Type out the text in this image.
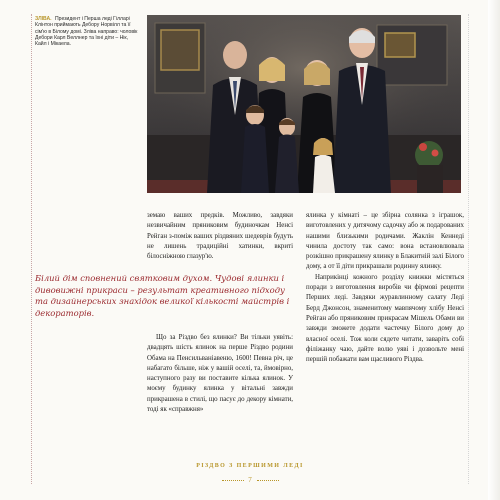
ЗЛІВА. Президент і Перша леді Гілларі Клінтон приймають Дебору Норвілл та її сім'ю в Білому домі. Зліва направо: чоловік Дебори Карл Веллнер та їхні діти – Нік, Кайл і Мікаела.

земаю ваших предків. Можливо, завдяки незвичайним пряниковим будиночкам Ненсі Рейган з-поміж ваших різдвяних шедеврів будуть не лишень традиційні хатинки, вкриті білосніжною глазур'ю.

Білий дім сповнений святковим духом. Чудові ялинки і дивовижні прикраси – результат креативного підходу та дизайнерських знахідок великої кількості майстрів і декораторів.

Що за Різдво без ялинки? Ви тільки уявіть: двадцять шість ялинок на перше Різдво родини Обама на Пенсильваніавеню, 1600! Певна річ, це набагато більше, ніж у вашій оселі, та, ймовірно, наступного разу ви поставите кілька ялинок. У моєму будинку ялинка у вітальні завжди прикрашена в стилі, що пасує до декору кімнати, тоді як «справжня»

ялинка у кімнаті – це збірна солянка з іграшок, виготовлених у дитячому садочку або ж подарованих нашими близькими родичами. Жаклін Кеннеді чинила достоту так само: вона встановлювала розкішно прикрашену ялинку в Блакитній залі Білого дому, а от її діти прикрашали родинну ялинку.

Наприкінці кожного розділу книжки містяться поради з виготовлення виробів чи фірмові рецепти Перших леді. Завдяки журавлинному салату Леді Берд Джонсон, знаменитому мавпячому хлібу Ненсі Рейган або пряниковим прикрасам Мішель Обами ви завжди зможете додати частечку Білого дому до власної оселі. Тож коли сядете читати, заваріть собі філіжанку чаю, дайте волю уяві і дозвольте мені першій побажати вам щасливого Різдва.

РІЗДВО З ПЕРШИМИ ЛЕДІ
7
